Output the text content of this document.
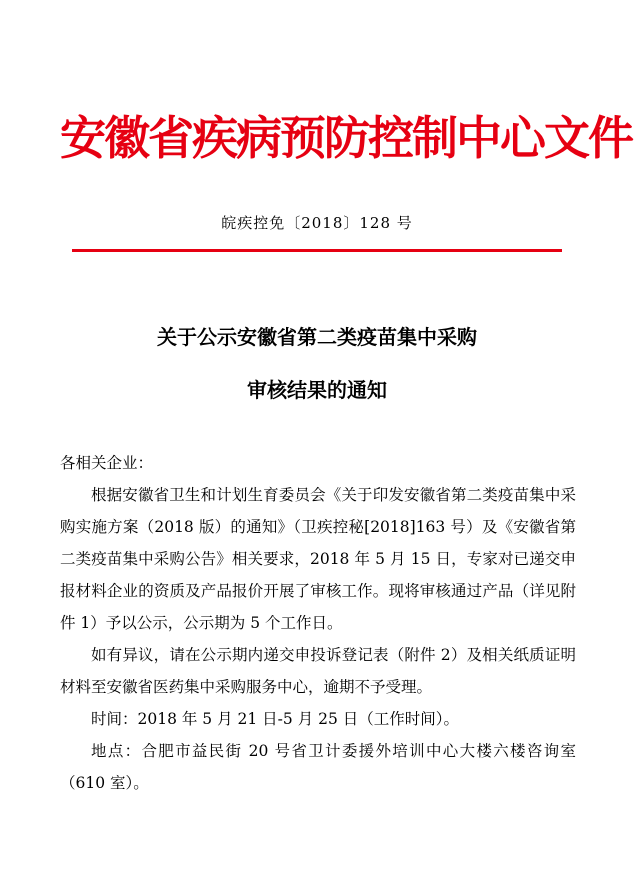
安徽省疾病预防控制中心文件
皖疾控免〔2018〕128 号
关于公示安徽省第二类疫苗集中采购
审核结果的通知

各相关企业：

根据安徽省卫生和计划生育委员会《关于印发安徽省第二类疫苗集中采购实施方案（2018 版）的通知》（卫疾控秘[2018]163 号）及《安徽省第二类疫苗集中采购公告》相关要求，2018 年 5 月 15 日，专家对已递交申报材料企业的资质及产品报价开展了审核工作。现将审核通过产品（详见附件 1）予以公示，公示期为 5 个工作日。

如有异议，请在公示期内递交申投诉登记表（附件 2）及相关纸质证明材料至安徽省医药集中采购服务中心，逾期不予受理。

时间：2018 年 5 月 21 日-5 月 25 日（工作时间）。

地点：合肥市益民街 20 号省卫计委援外培训中心大楼六楼咨询室（610 室）。
